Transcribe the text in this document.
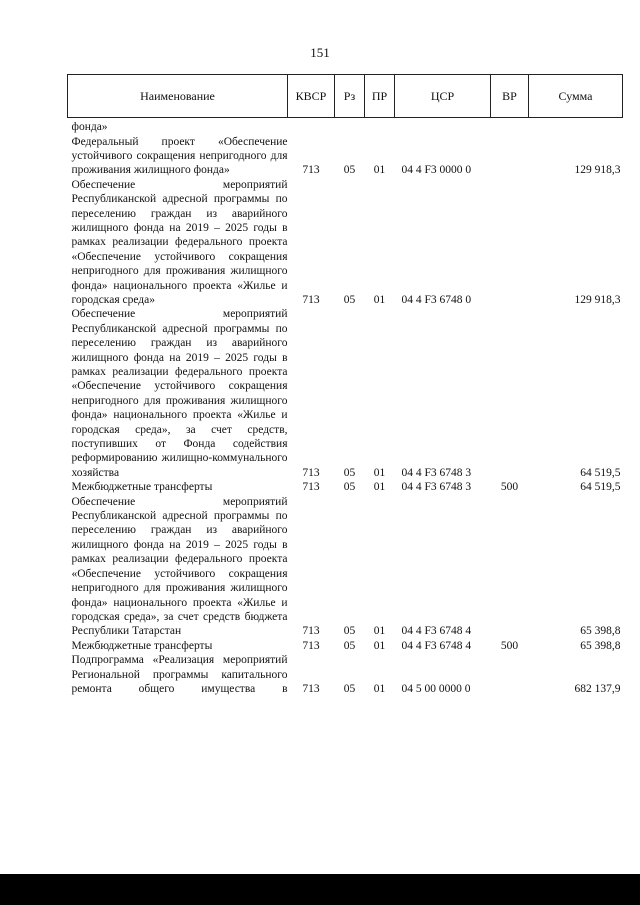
151
Наименование	КВСР	Рз	ПР	ЦСР	ВР	Сумма
фонда»						
Федеральный проект «Обеспечение устойчивого сокращения непригодного для проживания жилищного фонда»	713	05	01	04 4 F3 0000 0		129 918,3
Обеспечение мероприятий Республиканской адресной программы по переселению граждан из аварийного жилищного фонда на 2019 – 2025 годы в рамках реализации федерального проекта «Обеспечение устойчивого сокращения непригодного для проживания жилищного фонда» национального проекта «Жилье и городская среда»	713	05	01	04 4 F3 6748 0		129 918,3
Обеспечение мероприятий Республиканской адресной программы по переселению граждан из аварийного жилищного фонда на 2019 – 2025 годы в рамках реализации федерального проекта «Обеспечение устойчивого сокращения непригодного для проживания жилищного фонда» национального проекта «Жилье и городская среда», за счет средств, поступивших от Фонда содействия реформированию жилищно-коммунального хозяйства	713	05	01	04 4 F3 6748 3		64 519,5
Межбюджетные трансферты	713	05	01	04 4 F3 6748 3	500	64 519,5
Обеспечение мероприятий Республиканской адресной программы по переселению граждан из аварийного жилищного фонда на 2019 – 2025 годы в рамках реализации федерального проекта «Обеспечение устойчивого сокращения непригодного для проживания жилищного фонда» национального проекта «Жилье и городская среда», за счет средств бюджета Республики Татарстан	713	05	01	04 4 F3 6748 4		65 398,8
Межбюджетные трансферты	713	05	01	04 4 F3 6748 4	500	65 398,8
Подпрограмма «Реализация мероприятий Региональной программы капитального ремонта общего имущества в	713	05	01	04 5 00 0000 0		682 137,9
